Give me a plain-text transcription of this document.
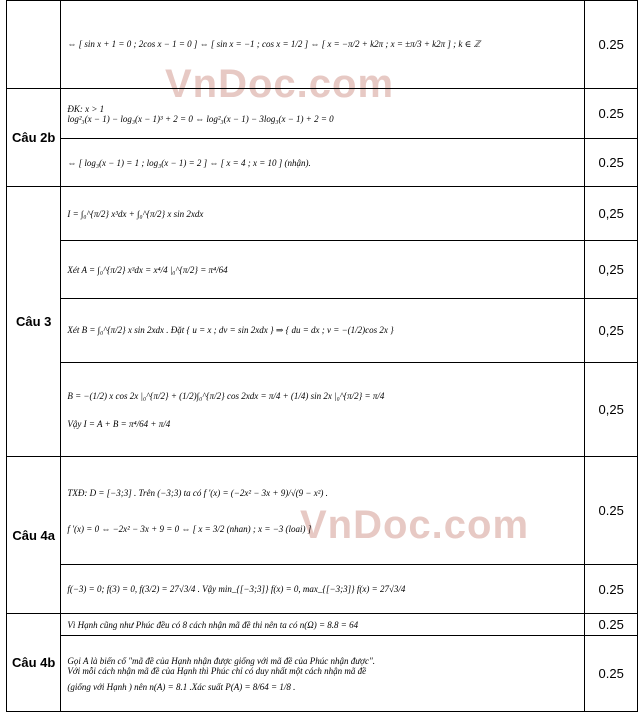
VnDoc.com
VnDoc.com

	⇔ [ sin x + 1 = 0 ; 2cos x − 1 = 0 ] ⇔ [ sin x = −1 ; cos x = 1/2 ] ⇔ [ x = −π/2 + k2π ; x = ±π/3 + k2π ] ; k ∈ ℤ	0.25
Câu 2b	ĐK: x > 1
log²₃(x − 1) − log₃(x − 1)³ + 2 = 0 ⇔ log²₃(x − 1) − 3log₃(x − 1) + 2 = 0	0.25

	⇔ [ log₃(x − 1) = 1 ; log₃(x − 1) = 2 ] ⇔ [ x = 4 ; x = 10 ] (nhận).	0.25
Câu 3	I = ∫₀^{π/2} x³dx + ∫₀^{π/2} x sin 2xdx	0,25

	Xét A = ∫₀^{π/2} x³dx = x⁴/4 |₀^{π/2} = π⁴/64	0,25

	Xét B = ∫₀^{π/2} x sin 2xdx . Đặt { u = x ; dv = sin 2xdx } ⇒ { du = dx ; v = −(1/2)cos 2x }	0,25

	B = −(1/2) x cos 2x |₀^{π/2} + (1/2)∫₀^{π/2} cos 2xdx = π/4 + (1/4) sin 2x |₀^{π/2} = π/4
Vậy I = A + B = π⁴/64 + π/4	0,25
Câu 4a	TXĐ: D = [−3;3] . Trên (−3;3) ta có f '(x) = (−2x² − 3x + 9)/√(9 − x²) .
f '(x) = 0 ⇔ −2x² − 3x + 9 = 0 ⇔ [ x = 3/2 (nhan) ; x = −3 (loai) ]	0.25

	f(−3) = 0; f(3) = 0, f(3/2) = 27√3/4 . Vậy min_{[−3;3]} f(x) = 0, max_{[−3;3]} f(x) = 27√3/4	0.25
Câu 4b	Vì Hạnh cũng như Phúc đều có 8 cách nhận mã đề thi nên ta có n(Ω) = 8.8 = 64	0.25

	Gọi A là biến cố "mã đề của Hạnh nhận được giống với mã đề của Phúc nhận được".
Với mỗi cách nhận mã đề của Hạnh thì Phúc chỉ có duy nhất một cách nhận mã đề
(giống với Hạnh ) nên n(A) = 8.1 .Xác suất P(A) = 8/64 = 1/8 .	0.25
